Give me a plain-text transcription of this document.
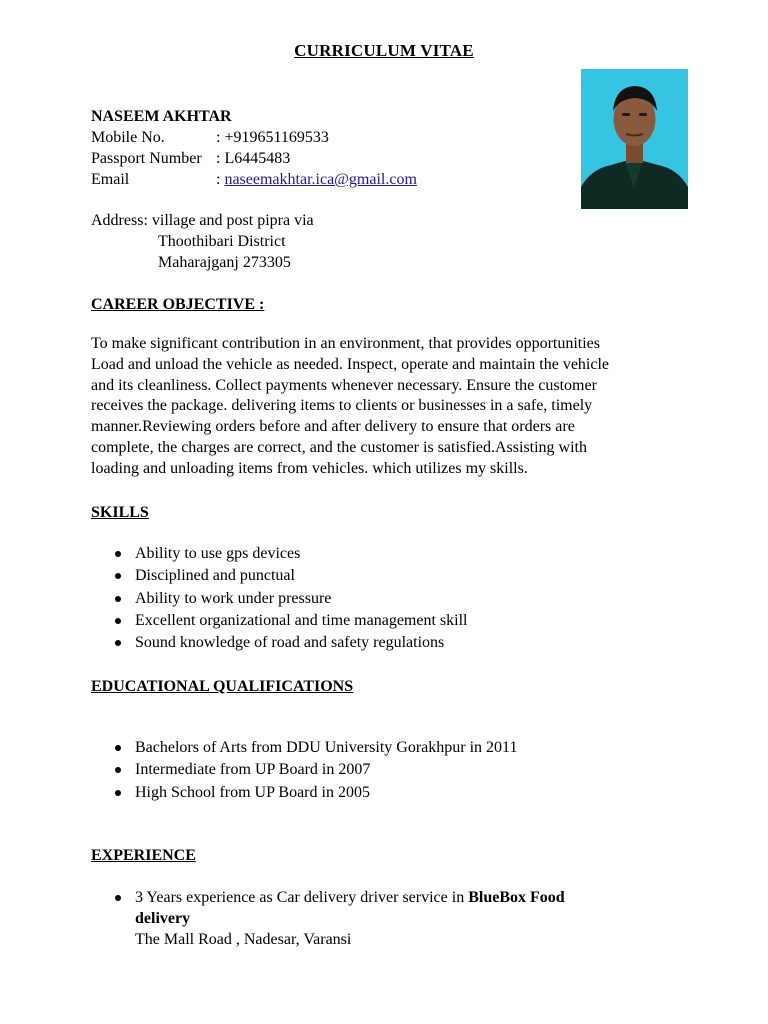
CURRICULUM VITAE
NASEEM AKHTAR
Mobile No.	: +919651169533
Passport Number : L6445483
Email	: naseemakhtar.ica@gmail.com
Address: village and post pipra via
Thoothibari District
Maharajganj 273305
CAREER OBJECTIVE :
To make significant contribution in an environment, that provides opportunities
Load and unload the vehicle as needed. Inspect, operate and maintain the vehicle
and its cleanliness. Collect payments whenever necessary. Ensure the customer
receives the package. delivering items to clients or businesses in a safe, timely
manner.Reviewing orders before and after delivery to ensure that orders are
complete, the charges are correct, and the customer is satisfied.Assisting with
loading and unloading items from vehicles. which utilizes my skills.
SKILLS
Ability to use gps devices
Disciplined and punctual
Ability to work under pressure
Excellent organizational and time management skill
Sound knowledge of road and safety regulations
EDUCATIONAL QUALIFICATIONS
Bachelors of Arts from DDU University Gorakhpur in 2011
Intermediate from UP Board in 2007
High School from UP Board in 2005
EXPERIENCE
3 Years experience as Car delivery driver service in BlueBox Food
delivery
The Mall Road , Nadesar, Varansi
